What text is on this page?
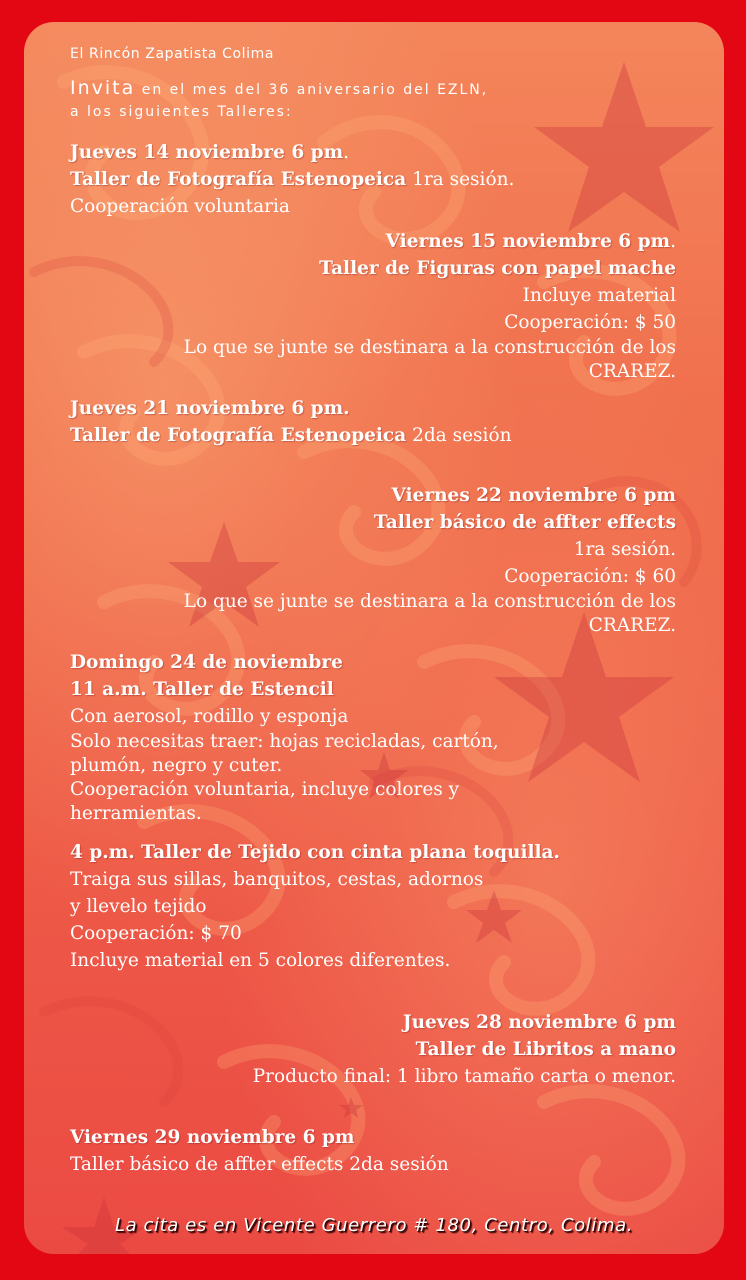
El Rincón Zapatista Colima
Invita en el mes del 36 aniversario del EZLN,
a los siguientes Talleres:
Jueves 14 noviembre 6 pm.
Taller de Fotografía Estenopeica 1ra sesión.
Cooperación voluntaria
Viernes 15 noviembre 6 pm.
Taller de Figuras con papel mache
Incluye material
Cooperación: $ 50
Lo que se junte se destinara a la construcción de los
CRAREZ.
Jueves 21 noviembre 6 pm.
Taller de Fotografía Estenopeica 2da sesión
Viernes 22 noviembre 6 pm
Taller básico de affter effects
1ra sesión.
Cooperación: $ 60
Lo que se junte se destinara a la construcción de los
CRAREZ.
Domingo 24 de noviembre
11 a.m. Taller de Estencil
Con aerosol, rodillo y esponja
Solo necesitas traer: hojas recicladas, cartón,
plumón, negro y cuter.
Cooperación voluntaria, incluye colores y
herramientas.
4 p.m. Taller de Tejido con cinta plana toquilla.
Traiga sus sillas, banquitos, cestas, adornos
y llevelo tejido
Cooperación: $ 70
Incluye material en 5 colores diferentes.
Jueves 28 noviembre 6 pm
Taller de Libritos a mano
Producto final: 1 libro tamaño carta o menor.
Viernes 29 noviembre 6 pm
Taller básico de affter effects 2da sesión
La cita es en Vicente Guerrero # 180, Centro, Colima.
